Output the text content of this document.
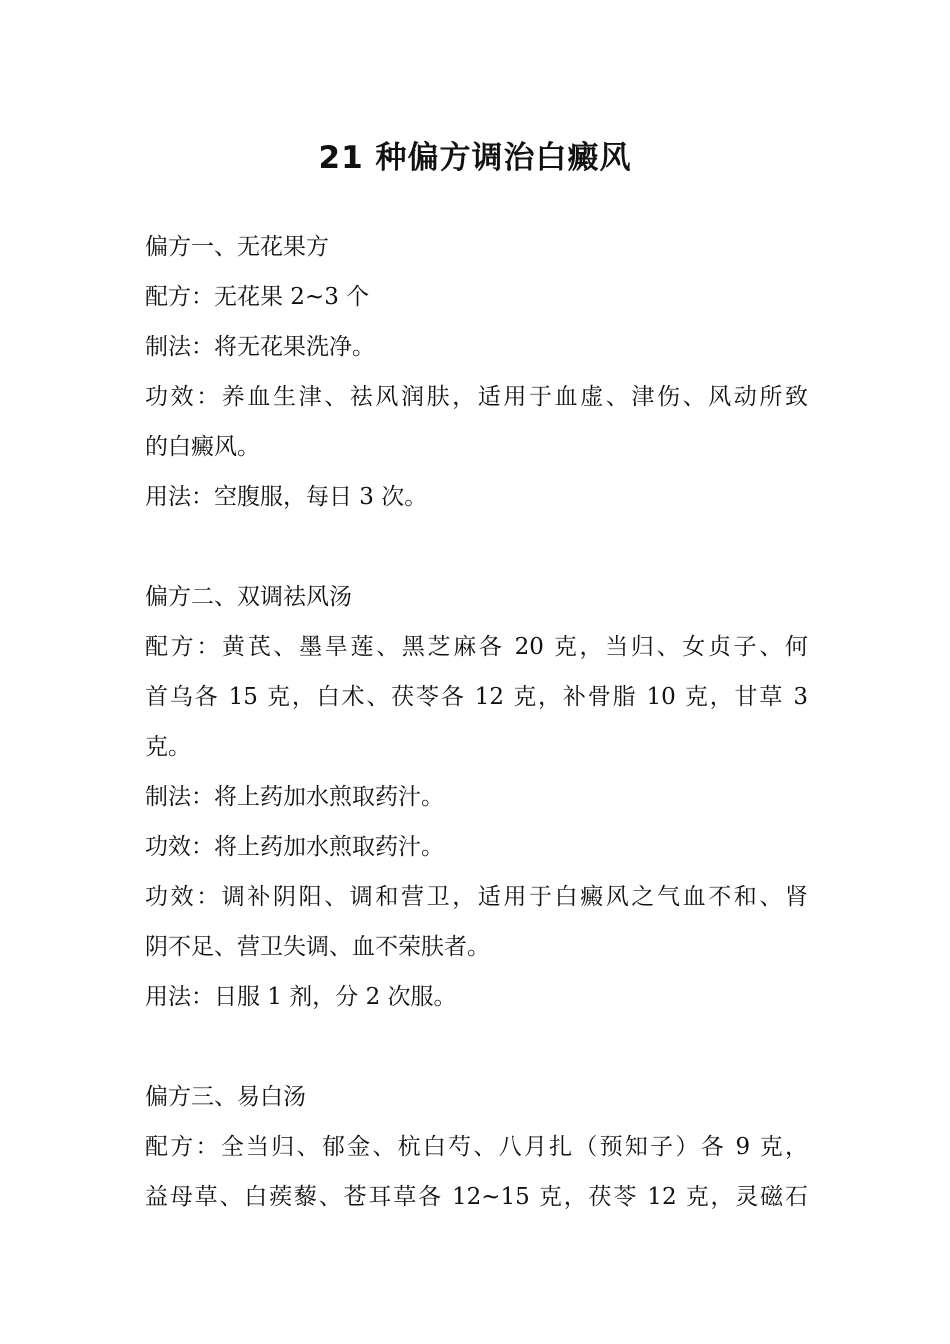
21 种偏方调治白癜风
偏方一、无花果方
配方：无花果 2~3 个
制法：将无花果洗净。
功效：养血生津、祛风润肤，适用于血虚、津伤、风动所致
的白癜风。
用法：空腹服，每日 3 次。
偏方二、双调祛风汤
配方：黄芪、墨旱莲、黑芝麻各 20 克，当归、女贞子、何
首乌各 15 克，白术、茯苓各 12 克，补骨脂 10 克，甘草 3
克。
制法：将上药加水煎取药汁。
功效：将上药加水煎取药汁。
功效：调补阴阳、调和营卫，适用于白癜风之气血不和、肾
阴不足、营卫失调、血不荣肤者。
用法：日服 1 剂，分 2 次服。
偏方三、易白汤
配方：全当归、郁金、杭白芍、八月扎（预知子）各 9 克，
益母草、白蒺藜、苍耳草各 12~15 克，茯苓 12 克，灵磁石
